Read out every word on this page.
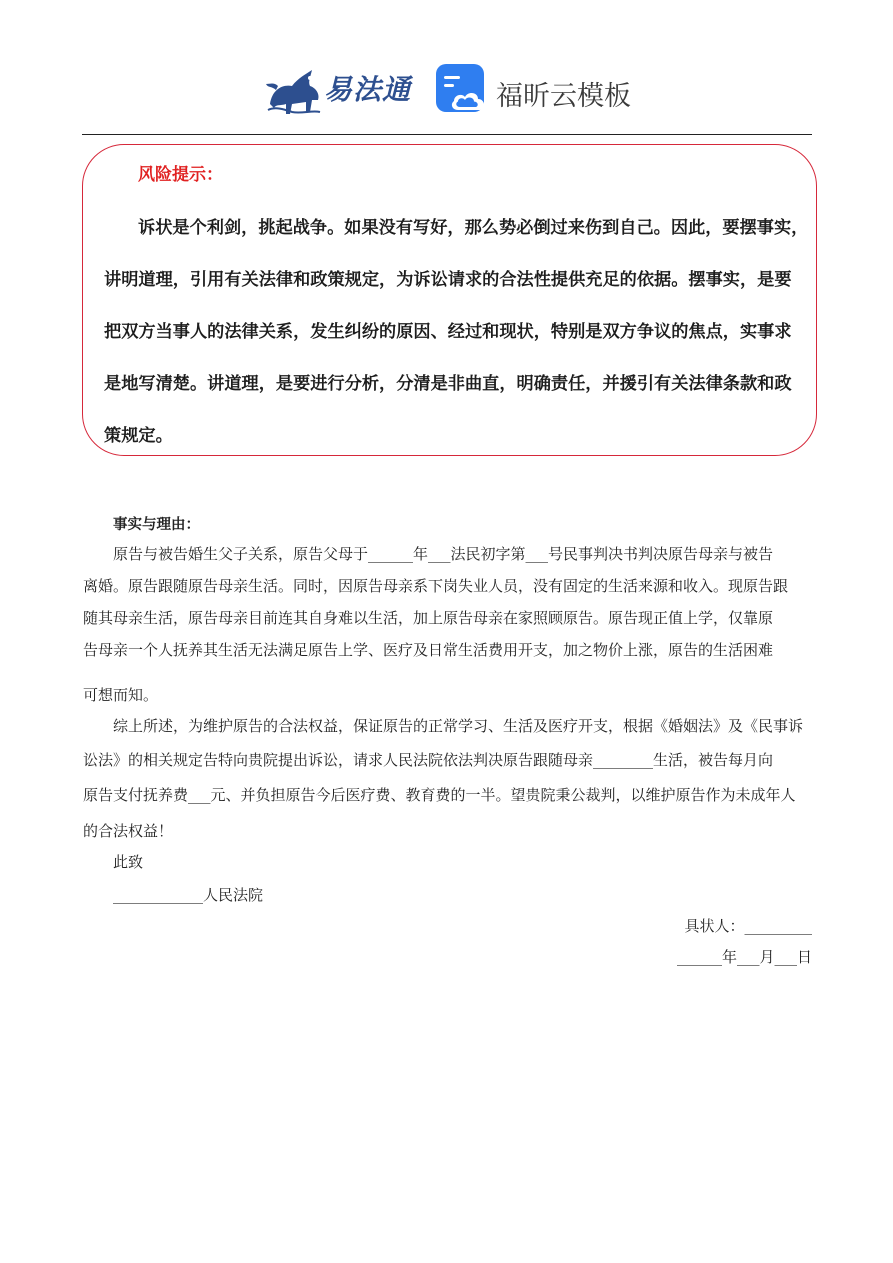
易法通	福昕云模板
风险提示：
诉状是个利剑，挑起战争。如果没有写好，那么势必倒过来伤到自己。因此，要摆事实，
讲明道理，引用有关法律和政策规定，为诉讼请求的合法性提供充足的依据。摆事实，是要
把双方当事人的法律关系，发生纠纷的原因、经过和现状，特别是双方争议的焦点，实事求
是地写清楚。讲道理，是要进行分析，分清是非曲直，明确责任，并援引有关法律条款和政
策规定。
事实与理由：
原告与被告婚生父子关系，原告父母于______年___法民初字第___号民事判决书判决原告母亲与被告
离婚。原告跟随原告母亲生活。同时，因原告母亲系下岗失业人员，没有固定的生活来源和收入。现原告跟
随其母亲生活，原告母亲目前连其自身难以生活，加上原告母亲在家照顾原告。原告现正值上学，仅靠原
告母亲一个人抚养其生活无法满足原告上学、医疗及日常生活费用开支，加之物价上涨，原告的生活困难
可想而知。
综上所述，为维护原告的合法权益，保证原告的正常学习、生活及医疗开支，根据《婚姻法》及《民事诉
讼法》的相关规定告特向贵院提出诉讼，请求人民法院依法判决原告跟随母亲________生活，被告每月向
原告支付抚养费___元、并负担原告今后医疗费、教育费的一半。望贵院秉公裁判，以维护原告作为未成年人
的合法权益！
此致
____________人民法院
具状人：_________
______年___月___日
